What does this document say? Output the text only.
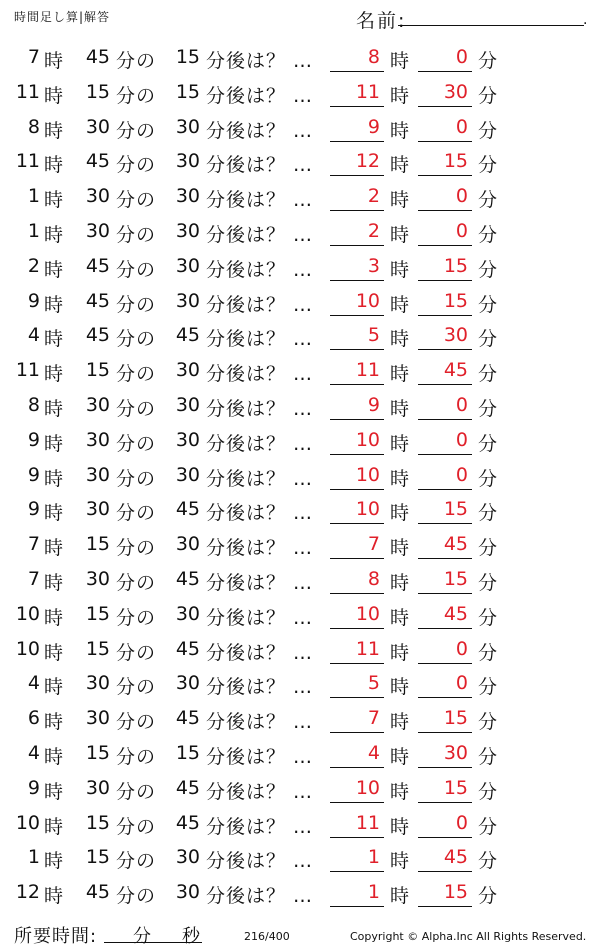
時間足し算|解答	名前:	.
7 時	45 分の	15 分後は？ …	8 時	0 分
11 時	15 分の	15 分後は？ …	11 時	30 分
8 時	30 分の	30 分後は？ …	9 時	0 分
11 時	45 分の	30 分後は？ …	12 時	15 分
1 時	30 分の	30 分後は？ …	2 時	0 分
1 時	30 分の	30 分後は？ …	2 時	0 分
2 時	45 分の	30 分後は？ …	3 時	15 分
9 時	45 分の	30 分後は？ …	10 時	15 分
4 時	45 分の	45 分後は？ …	5 時	30 分
11 時	15 分の	30 分後は？ …	11 時	45 分
8 時	30 分の	30 分後は？ …	9 時	0 分
9 時	30 分の	30 分後は？ …	10 時	0 分
9 時	30 分の	30 分後は？ …	10 時	0 分
9 時	30 分の	45 分後は？ …	10 時	15 分
7 時	15 分の	30 分後は？ …	7 時	45 分
7 時	30 分の	45 分後は？ …	8 時	15 分
10 時	15 分の	30 分後は？ …	10 時	45 分
10 時	15 分の	45 分後は？ …	11 時	0 分
4 時	30 分の	30 分後は？ …	5 時	0 分
6 時	30 分の	45 分後は？ …	7 時	15 分
4 時	15 分の	15 分後は？ …	4 時	30 分
9 時	30 分の	45 分後は？ …	10 時	15 分
10 時	15 分の	45 分後は？ …	11 時	0 分
1 時	15 分の	30 分後は？ …	1 時	45 分
12 時	45 分の	30 分後は？ …	1 時	15 分
所要時間: 分 秒	216/400	Copyright © Alpha.Inc All Rights Reserved.
